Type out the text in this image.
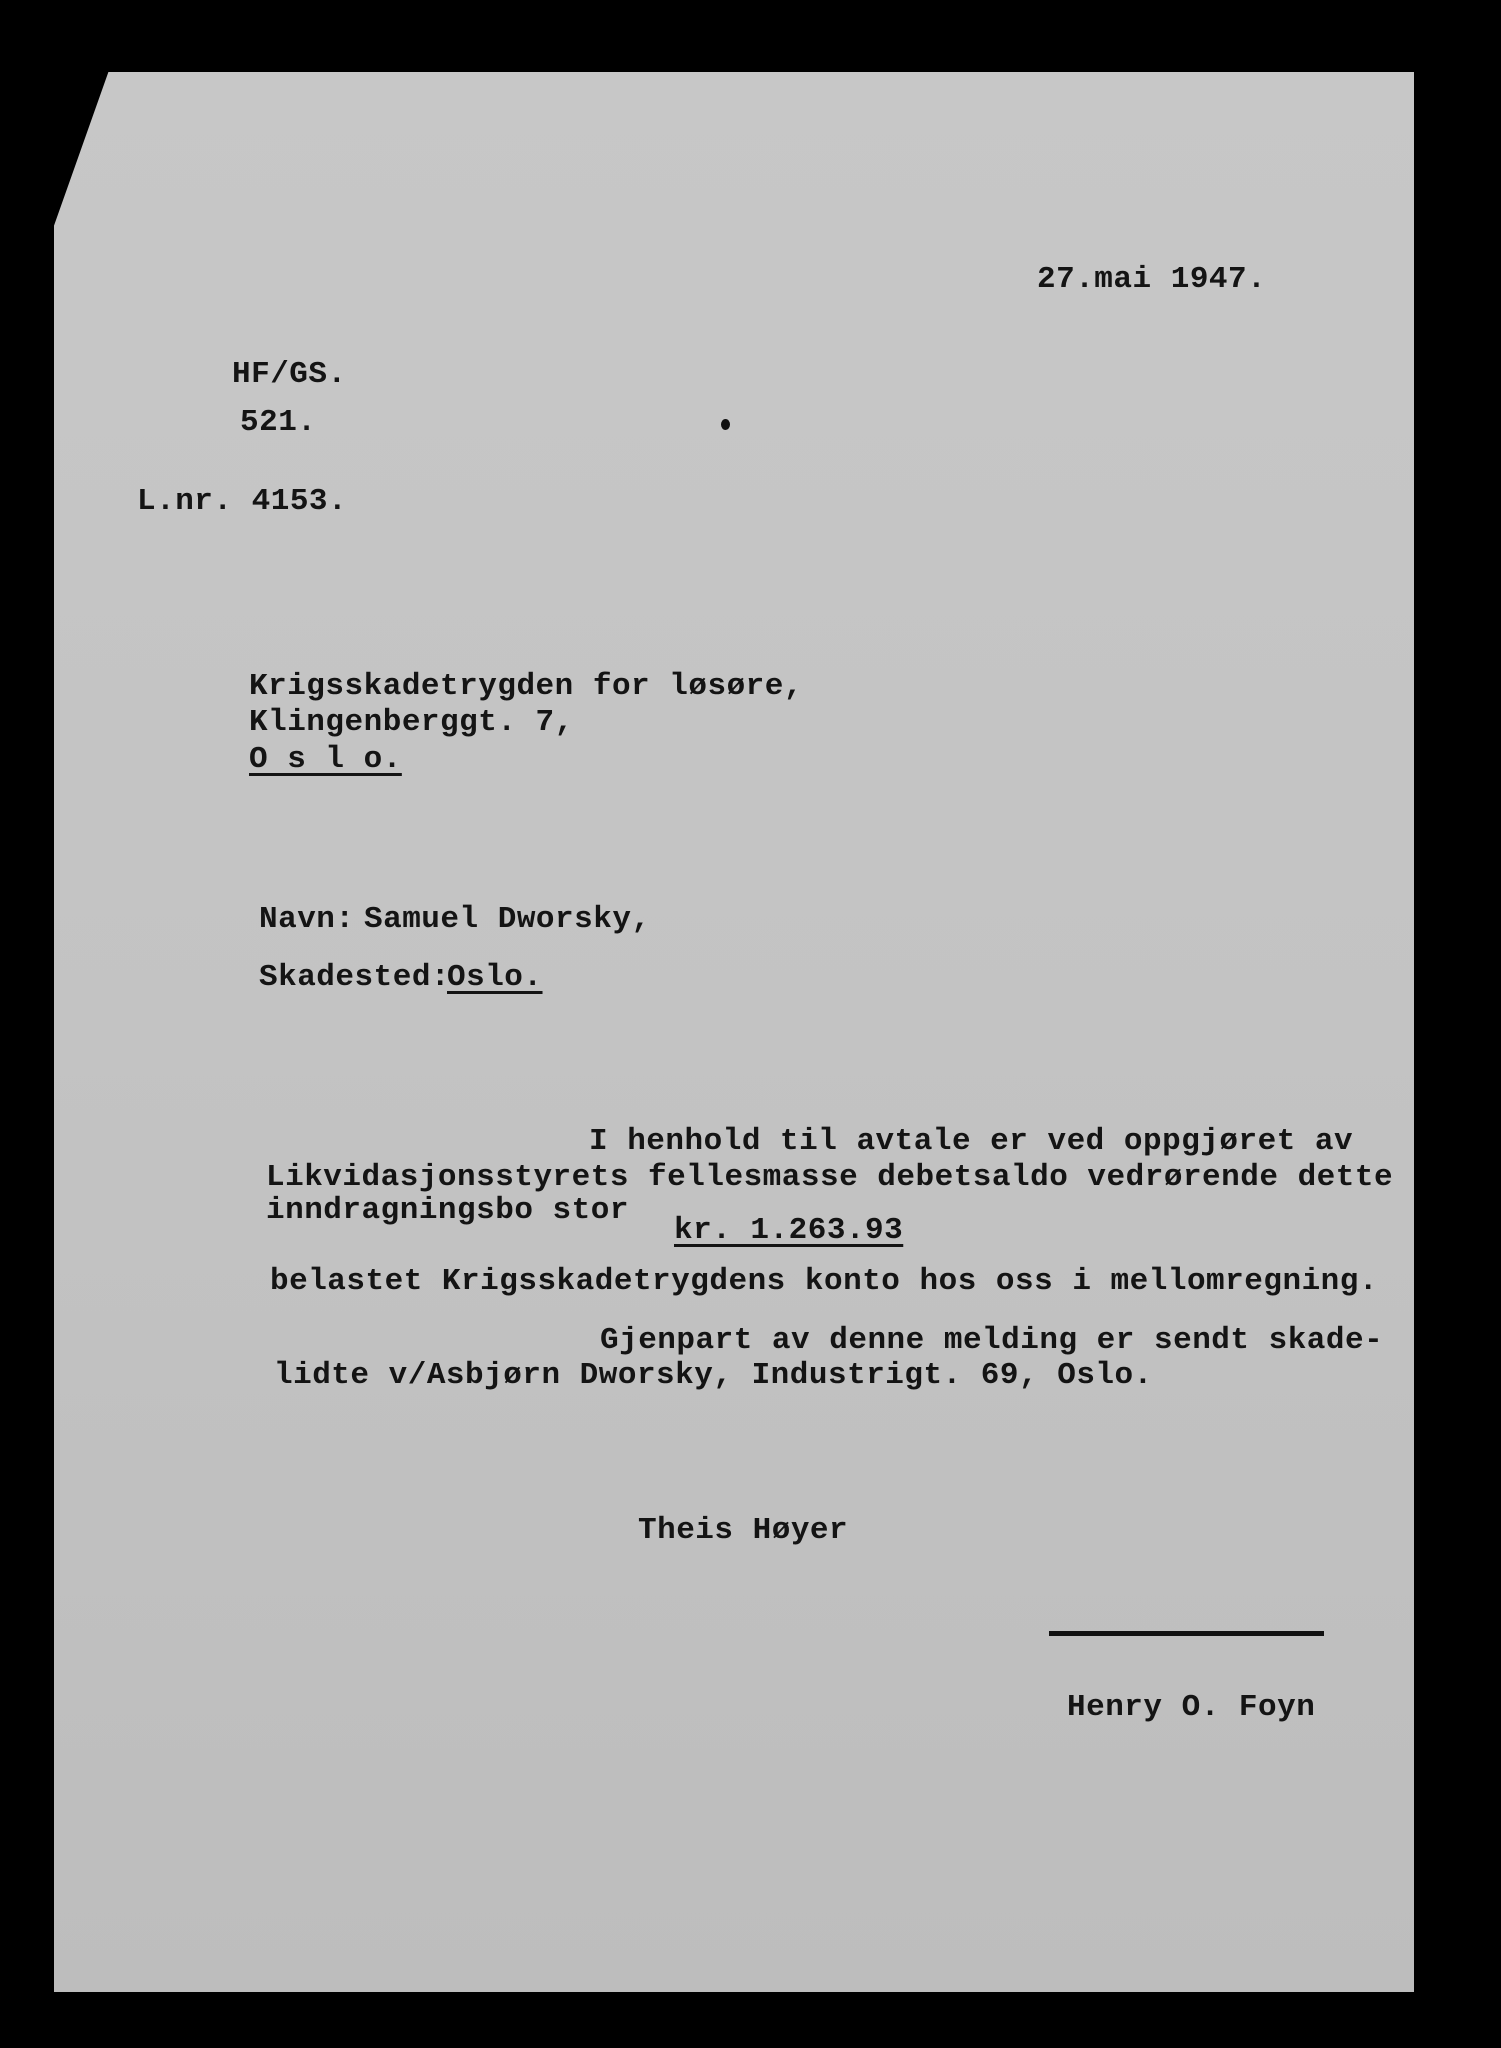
27.mai 1947.
HF/GS.
521.
L.nr. 4153.
Krigsskadetrygden for løsøre,
Klingenberggt. 7,
O s l o.
Navn: Samuel Dworsky,
Skadested:
Oslo.
I henhold til avtale er ved oppgjøret av
Likvidasjonsstyrets fellesmasse debetsaldo vedrørende dette
inndragningsbo stor
kr. 1.263.93
belastet Krigsskadetrygdens konto hos oss i mellomregning.
Gjenpart av denne melding er sendt skade-
lidte v/Asbjørn Dworsky, Industrigt. 69, Oslo.
Theis Høyer
Henry O. Foyn
